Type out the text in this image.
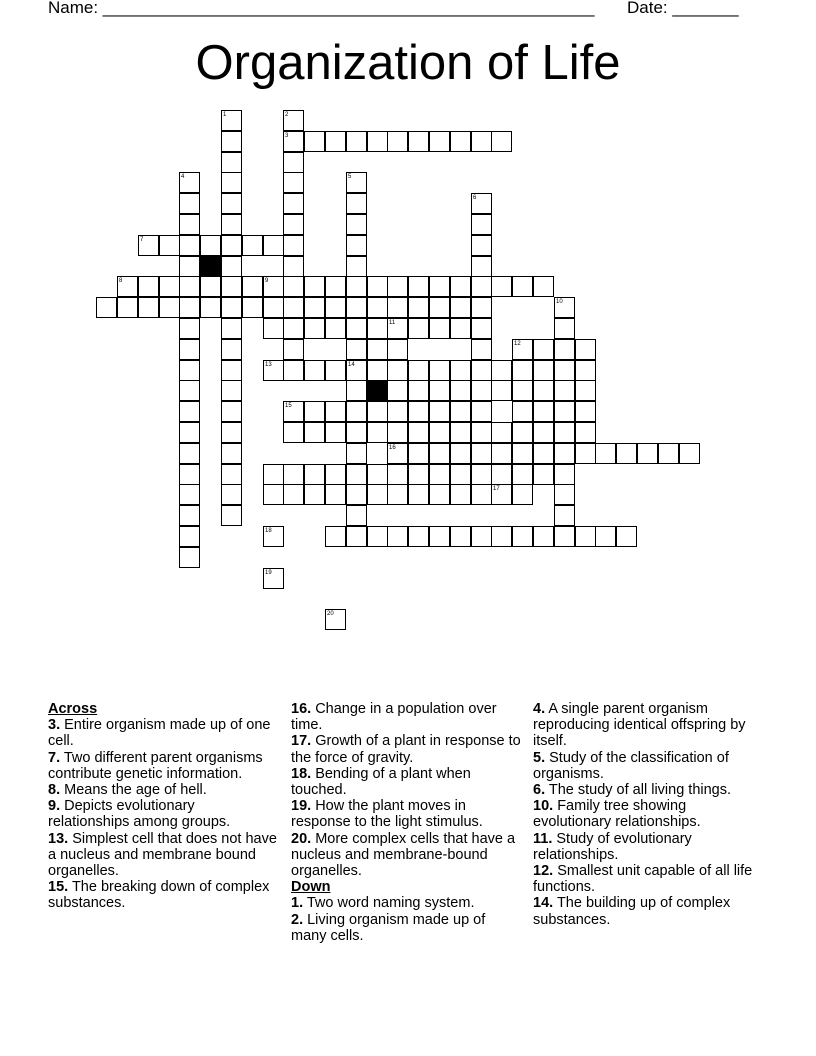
Name: ____________________________________________________ Date: _______
Organization of Life
1	2
3
4	5
14
6
7
8	9
11
12
13
15
16
17
10
18
19
20
Across
3. Entire organism made up of one cell.
7. Two different parent organisms contribute genetic information.
8. Means the age of hell.
9. Depicts evolutionary relationships among groups.
13. Simplest cell that does not have a nucleus and membrane bound organelles.
15. The breaking down of complex substances.
16. Change in a population over time.
17. Growth of a plant in response to the force of gravity.
18. Bending of a plant when touched.
19. How the plant moves in response to the light stimulus.
20. More complex cells that have a nucleus and membrane-bound organelles.
Down
1. Two word naming system.
2. Living organism made up of many cells.
4. A single parent organism reproducing identical offspring by itself.
5. Study of the classification of organisms.
6. The study of all living things.
10. Family tree showing evolutionary relationships.
11. Study of evolutionary relationships.
12. Smallest unit capable of all life functions.
14. The building up of complex substances.
